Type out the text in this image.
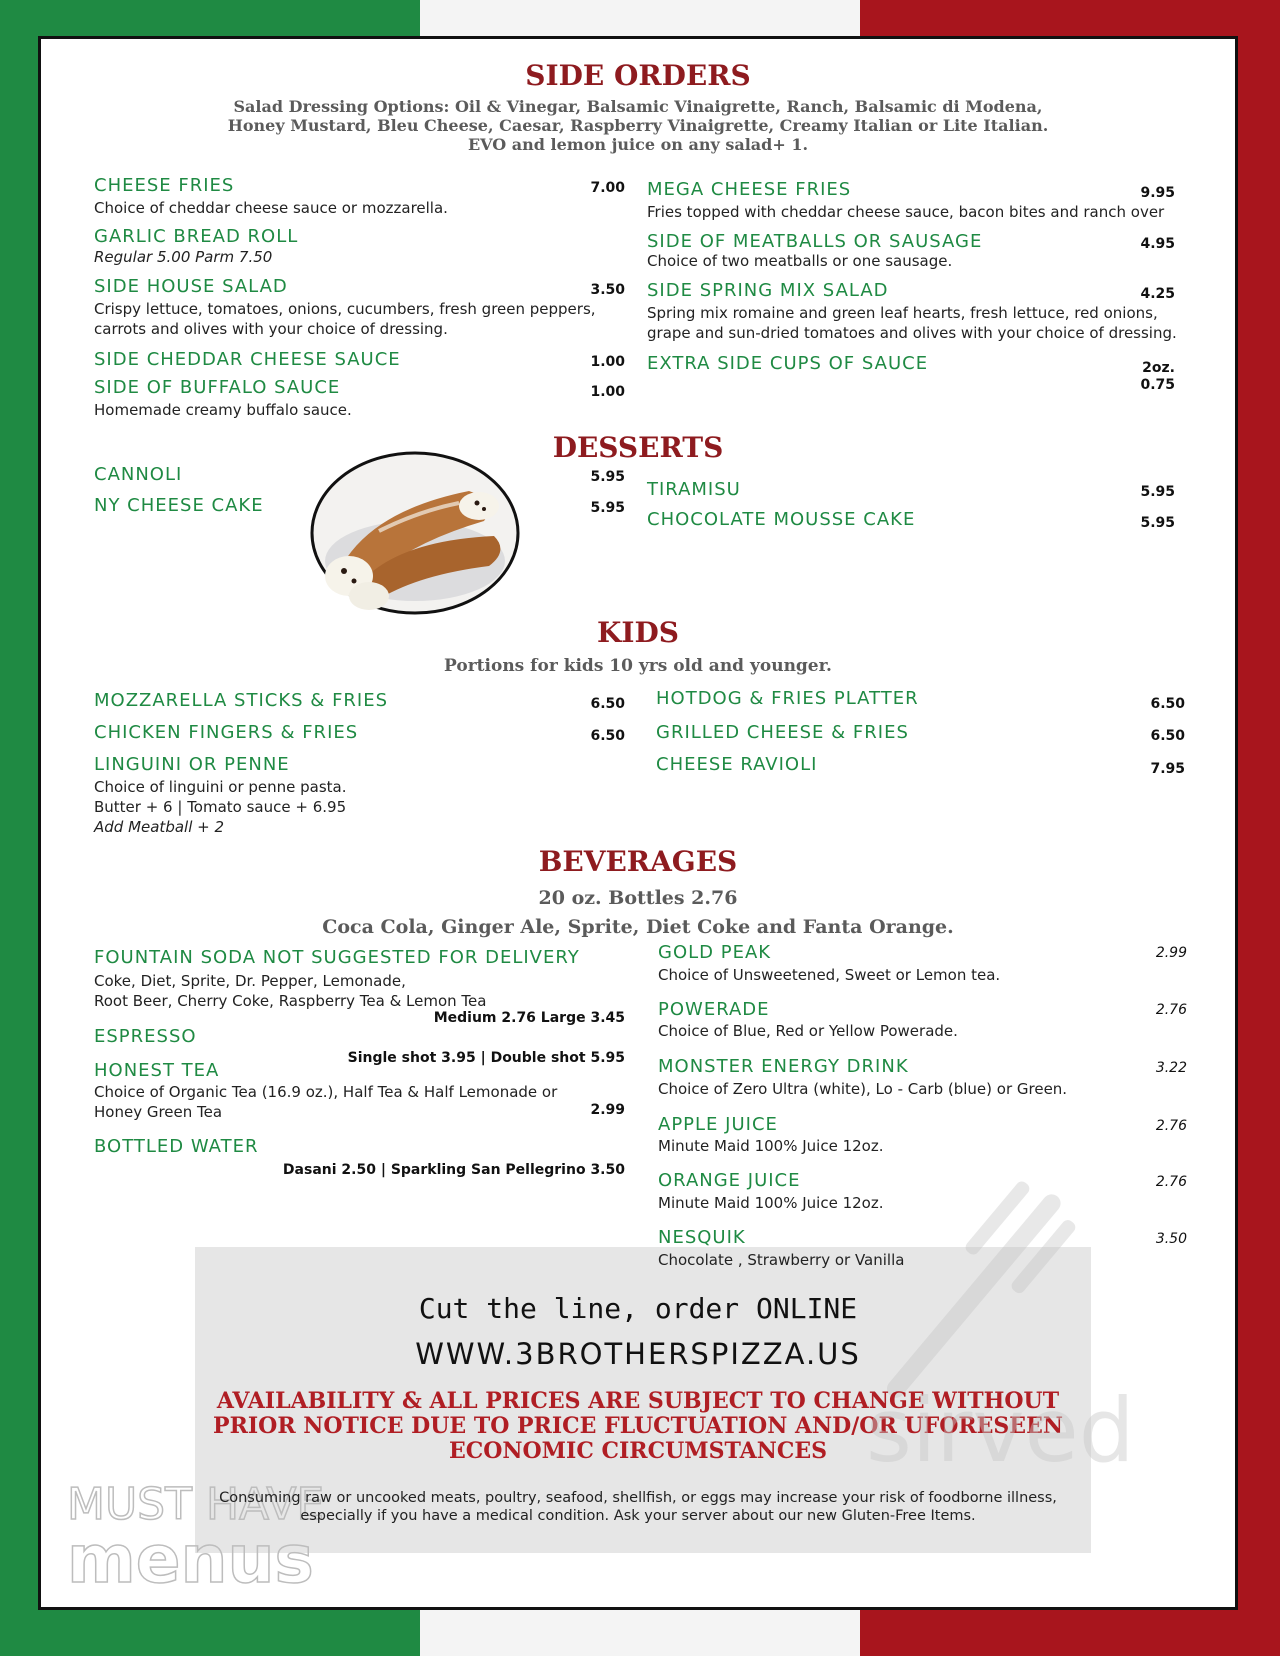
SIDE ORDERS
Salad Dressing Options: Oil & Vinegar, Balsamic Vinaigrette, Ranch, Balsamic di Modena,
Honey Mustard, Bleu Cheese, Caesar, Raspberry Vinaigrette, Creamy Italian or Lite Italian.
EVO and lemon juice on any salad+ 1.
CHEESE FRIES	7.00
Choice of cheddar cheese sauce or mozzarella.
GARLIC BREAD ROLL
Regular 5.00 Parm 7.50
SIDE HOUSE SALAD	3.50
Crispy lettuce, tomatoes, onions, cucumbers, fresh green peppers,
carrots and olives with your choice of dressing.
SIDE CHEDDAR CHEESE SAUCE	1.00
SIDE OF BUFFALO SAUCE	1.00
Homemade creamy buffalo sauce.
MEGA CHEESE FRIES	9.95
Fries topped with cheddar cheese sauce, bacon bites and ranch over
SIDE OF MEATBALLS OR SAUSAGE	4.95
Choice of two meatballs or one sausage.
SIDE SPRING MIX SALAD	4.25
Spring mix romaine and green leaf hearts, fresh lettuce, red onions,
grape and sun-dried tomatoes and olives with your choice of dressing.
EXTRA SIDE CUPS OF SAUCE	2oz.
0.75
DESSERTS
CANNOLI	5.95
NY CHEESE CAKE	5.95
TIRAMISU	5.95
CHOCOLATE MOUSSE CAKE	5.95
KIDS
Portions for kids 10 yrs old and younger.
MOZZARELLA STICKS & FRIES	6.50
CHICKEN FINGERS & FRIES	6.50
LINGUINI OR PENNE
Choice of linguini or penne pasta.
Butter + 6 | Tomato sauce + 6.95
Add Meatball + 2
HOTDOG & FRIES PLATTER	6.50
GRILLED CHEESE & FRIES	6.50
CHEESE RAVIOLI	7.95
BEVERAGES
20 oz. Bottles 2.76
Coca Cola, Ginger Ale, Sprite, Diet Coke and Fanta Orange.
FOUNTAIN SODA NOT SUGGESTED FOR DELIVERY
Coke, Diet, Sprite, Dr. Pepper, Lemonade,
Root Beer, Cherry Coke, Raspberry Tea & Lemon Tea
Medium 2.76 Large 3.45
ESPRESSO
Single shot 3.95 | Double shot 5.95
HONEST TEA
Choice of Organic Tea (16.9 oz.), Half Tea & Half Lemonade or
Honey Green Tea	2.99
BOTTLED WATER
Dasani 2.50 | Sparkling San Pellegrino 3.50
GOLD PEAK	2.99
Choice of Unsweetened, Sweet or Lemon tea.
POWERADE	2.76
Choice of Blue, Red or Yellow Powerade.
MONSTER ENERGY DRINK	3.22
Choice of Zero Ultra (white), Lo - Carb (blue) or Green.
APPLE JUICE	2.76
Minute Maid 100% Juice 12oz.
ORANGE JUICE	2.76
Minute Maid 100% Juice 12oz.
NESQUIK	3.50
Chocolate , Strawberry or Vanilla
Cut the line, order ONLINE
WWW.3BROTHERSPIZZA.US
AVAILABILITY & ALL PRICES ARE SUBJECT TO CHANGE WITHOUT
PRIOR NOTICE DUE TO PRICE FLUCTUATION AND/OR UFORESEEN
ECONOMIC CIRCUMSTANCES sirved
MUST HAVE
menus
Consuming raw or uncooked meats, poultry, seafood, shellfish, or eggs may increase your risk of foodborne illness,
especially if you have a medical condition. Ask your server about our new Gluten-Free Items.
